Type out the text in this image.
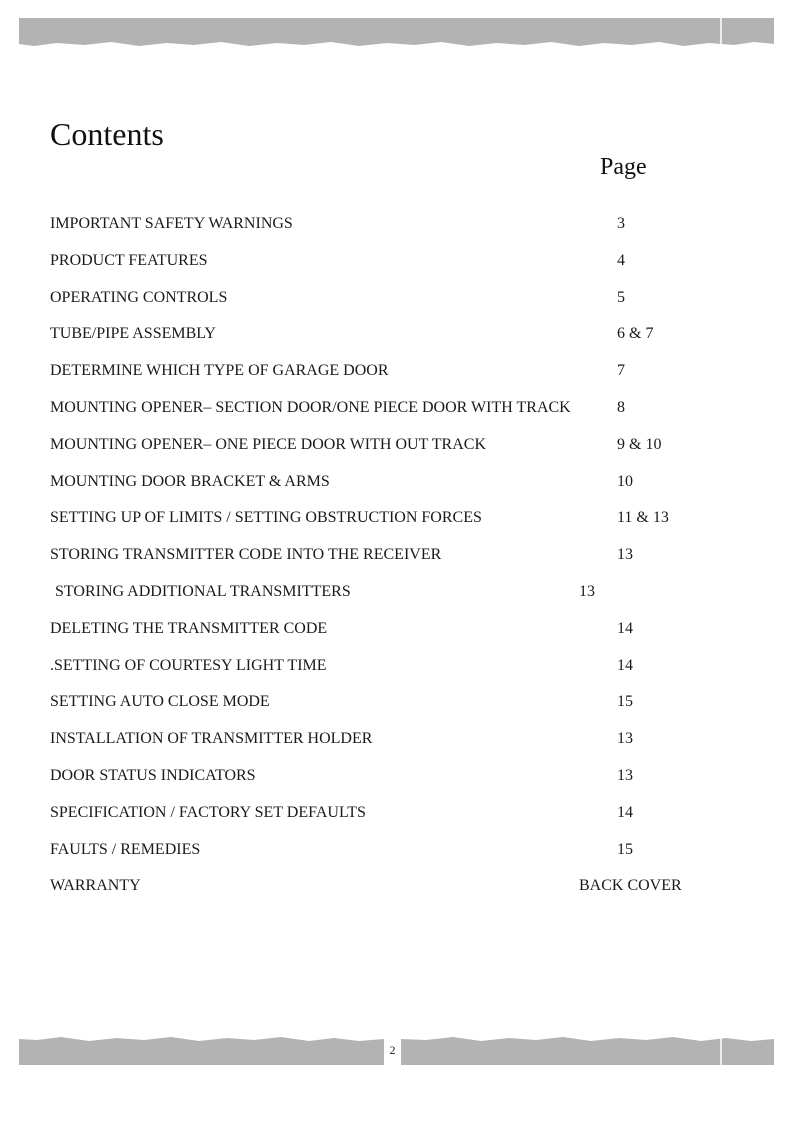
Contents
Page
IMPORTANT SAFETY WARNINGS	3
PRODUCT FEATURES	4
OPERATING CONTROLS	5
TUBE/PIPE ASSEMBLY	6 & 7
DETERMINE WHICH TYPE OF GARAGE DOOR	7
MOUNTING OPENER– SECTION DOOR/ONE PIECE DOOR WITH TRACK	8
MOUNTING OPENER– ONE PIECE DOOR WITH OUT TRACK	9 & 10
MOUNTING DOOR BRACKET & ARMS	10
SETTING UP OF LIMITS / SETTING OBSTRUCTION FORCES	11 & 13
STORING TRANSMITTER CODE INTO THE RECEIVER	13
STORING ADDITIONAL TRANSMITTERS	13
DELETING THE TRANSMITTER CODE	14
.SETTING OF COURTESY LIGHT TIME	14
SETTING AUTO CLOSE MODE	15
INSTALLATION OF TRANSMITTER HOLDER	13
DOOR STATUS INDICATORS	13
SPECIFICATION / FACTORY SET DEFAULTS	14
FAULTS / REMEDIES	15
WARRANTY	BACK COVER
2
